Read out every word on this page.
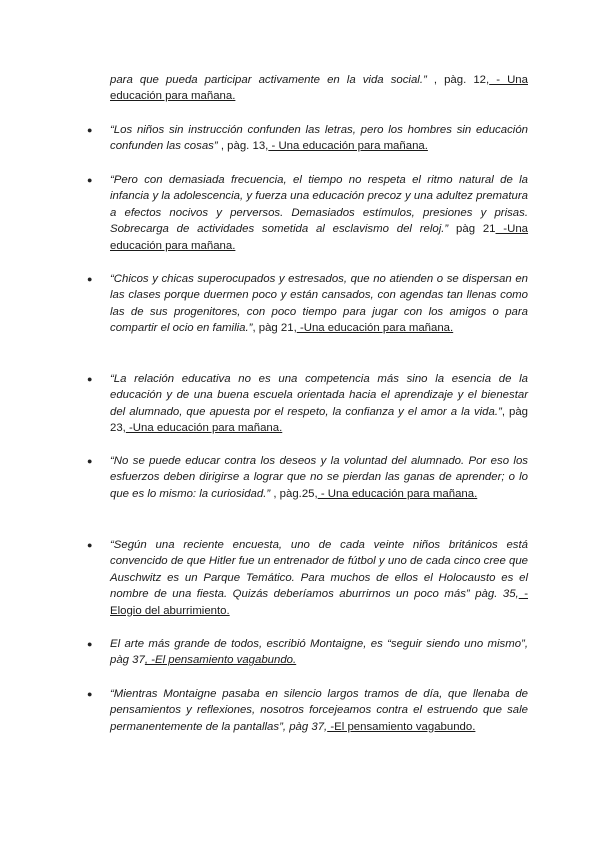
para que pueda participar activamente en la vida social.” , pàg. 12, - Una educación para mañana.

● “Los niños sin instrucción confunden las letras, pero los hombres sin educación confunden las cosas” , pàg. 13, - Una educación para mañana.

● “Pero con demasiada frecuencia, el tiempo no respeta el ritmo natural de la infancia y la adolescencia, y fuerza una educación precoz y una adultez prematura a efectos nocivos y perversos. Demasiados estímulos, presiones y prisas. Sobrecarga de actividades sometida al esclavismo del reloj.” pàg 21 -Una educación para mañana.

● “Chicos y chicas superocupados y estresados, que no atienden o se dispersan en las clases porque duermen poco y están cansados, con agendas tan llenas como las de sus progenitores, con poco tiempo para jugar con los amigos o para compartir el ocio en familia.”, pàg 21, -Una educación para mañana.

● “La relación educativa no es una competencia más sino la esencia de la educación y de una buena escuela orientada hacia el aprendizaje y el bienestar del alumnado, que apuesta por el respeto, la confianza y el amor a la vida.”, pàg 23, -Una educación para mañana.

● “No se puede educar contra los deseos y la voluntad del alumnado. Por eso los esfuerzos deben dirigirse a lograr que no se pierdan las ganas de aprender; o lo que es lo mismo: la curiosidad.” , pàg.25, - Una educación para mañana.

● “Según una reciente encuesta, uno de cada veinte niños británicos está convencido de que Hitler fue un entrenador de fútbol y uno de cada cinco cree que Auschwitz es un Parque Temático. Para muchos de ellos el Holocausto es el nombre de una fiesta. Quizás deberíamos aburrirnos un poco más” pàg. 35, -Elogio del aburrimiento.

● El arte más grande de todos, escribió Montaigne, es “seguir siendo uno mismo”, pàg 37, -El pensamiento vagabundo.

● “Mientras Montaigne pasaba en silencio largos tramos de día, que llenaba de pensamientos y reflexiones, nosotros forcejeamos contra el estruendo que sale permanentemente de la pantallas”, pàg 37, -El pensamiento vagabundo.
